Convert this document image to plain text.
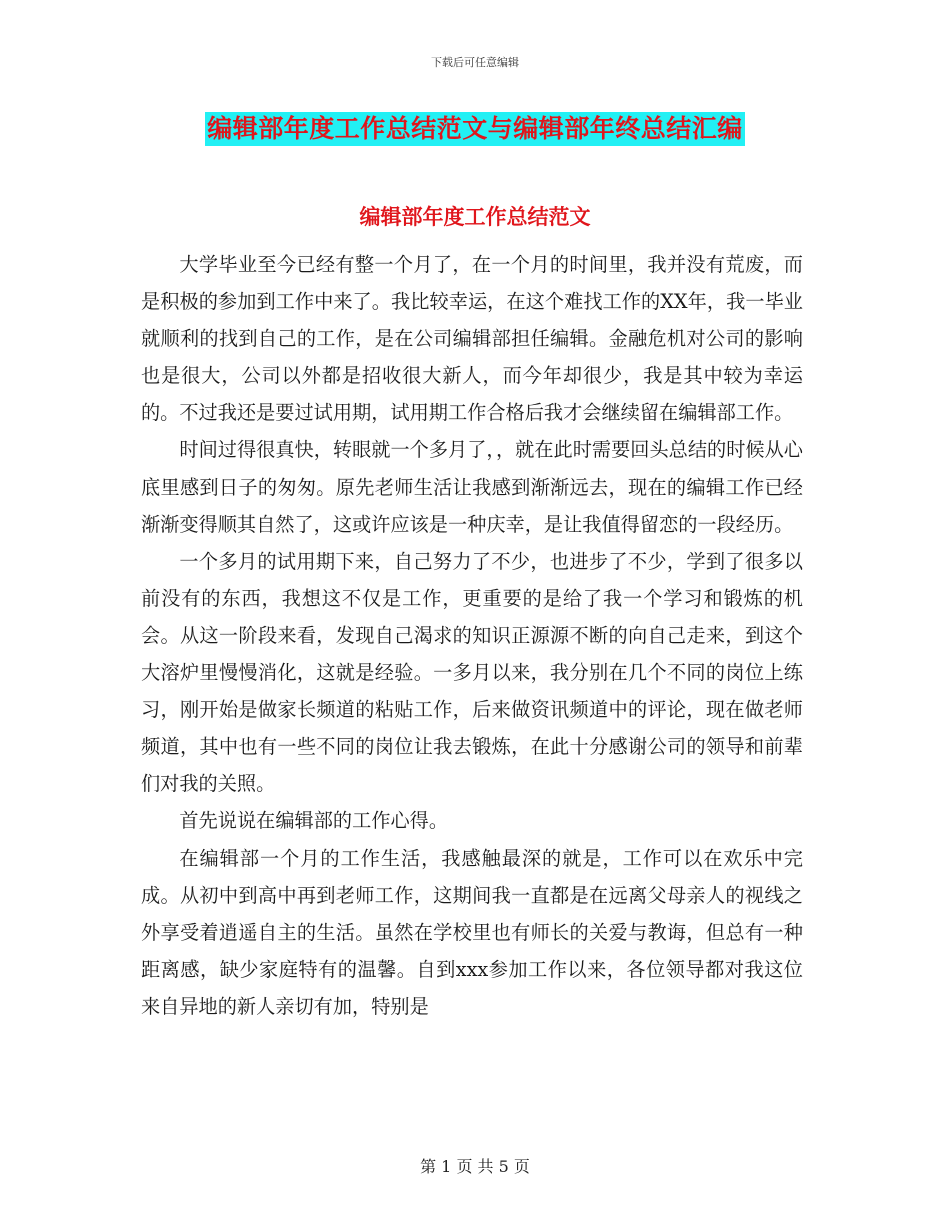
下载后可任意编辑
编辑部年度工作总结范文与编辑部年终总结汇编
编辑部年度工作总结范文

大学毕业至今已经有整一个月了，在一个月的时间里，我并没有荒废，而是积极的参加到工作中来了。我比较幸运，在这个难找工作的XX年，我一毕业就顺利的找到自己的工作，是在公司编辑部担任编辑。金融危机对公司的影响也是很大，公司以外都是招收很大新人，而今年却很少，我是其中较为幸运的。不过我还是要过试用期，试用期工作合格后我才会继续留在编辑部工作。

时间过得很真快，转眼就一个多月了，，就在此时需要回头总结的时候从心底里感到日子的匆匆。原先老师生活让我感到渐渐远去，现在的编辑工作已经渐渐变得顺其自然了，这或许应该是一种庆幸，是让我值得留恋的一段经历。

一个多月的试用期下来，自己努力了不少，也进步了不少，学到了很多以前没有的东西，我想这不仅是工作，更重要的是给了我一个学习和锻炼的机会。从这一阶段来看，发现自己渴求的知识正源源不断的向自己走来，到这个大溶炉里慢慢消化，这就是经验。一多月以来，我分别在几个不同的岗位上练习，刚开始是做家长频道的粘贴工作，后来做资讯频道中的评论，现在做老师频道，其中也有一些不同的岗位让我去锻炼，在此十分感谢公司的领导和前辈们对我的关照。

首先说说在编辑部的工作心得。

在编辑部一个月的工作生活，我感触最深的就是，工作可以在欢乐中完成。从初中到高中再到老师工作，这期间我一直都是在远离父母亲人的视线之外享受着逍遥自主的生活。虽然在学校里也有师长的关爱与教诲，但总有一种距离感，缺少家庭特有的温馨。自到xxx参加工作以来，各位领导都对我这位来自异地的新人亲切有加，特别是

第 1 页 共 5 页
